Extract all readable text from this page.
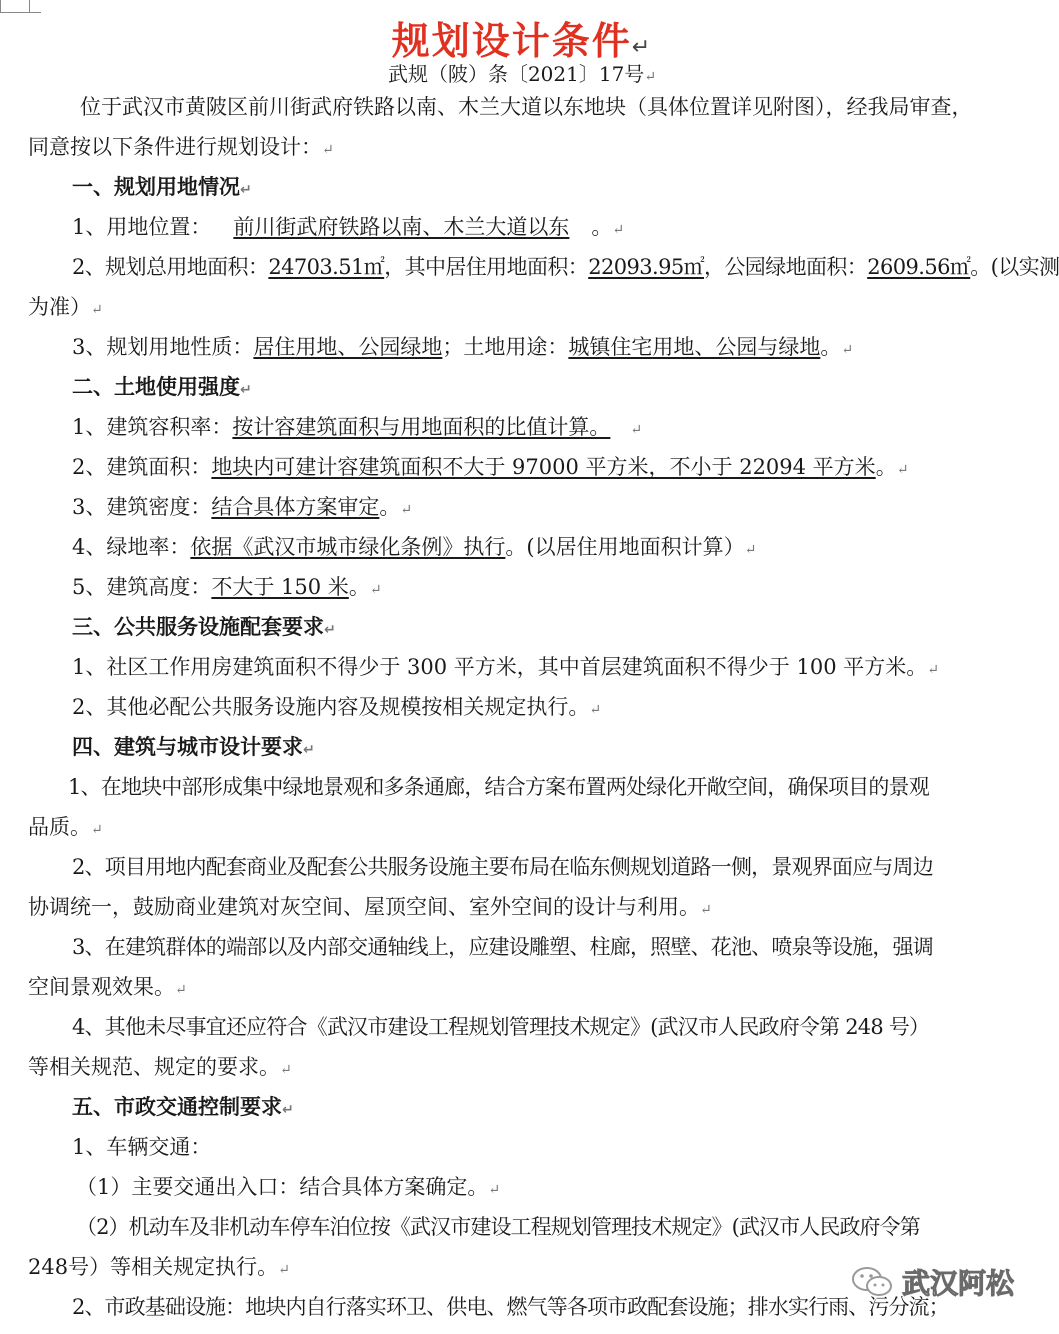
规划设计条件↵
武规（陂）条〔2021〕17号↵
位于武汉市黄陂区前川街武府铁路以南、木兰大道以东地块（具体位置详见附图），经我局审查，
同意按以下条件进行规划设计：↵
一、规划用地情况↵
1、用地位置： 前川街武府铁路以南、木兰大道以东 。↵
2、规划总用地面积：24703.51㎡，其中居住用地面积：22093.95㎡，公园绿地面积：2609.56㎡。(以实测
为准）↵
3、规划用地性质：居住用地、公园绿地；土地用途：城镇住宅用地、公园与绿地。↵
二、土地使用强度↵
1、建筑容积率：按计容建筑面积与用地面积的比值计算。 ↵
2、建筑面积：地块内可建计容建筑面积不大于 97000 平方米，不小于 22094 平方米。↵
3、建筑密度：结合具体方案审定。↵
4、绿地率：依据《武汉市城市绿化条例》执行。(以居住用地面积计算）↵
5、建筑高度：不大于 150 米。↵
三、公共服务设施配套要求↵
1、社区工作用房建筑面积不得少于 300 平方米，其中首层建筑面积不得少于 100 平方米。↵
2、其他必配公共服务设施内容及规模按相关规定执行。↵
四、建筑与城市设计要求↵
1、在地块中部形成集中绿地景观和多条通廊，结合方案布置两处绿化开敞空间，确保项目的景观
品质。↵
2、项目用地内配套商业及配套公共服务设施主要布局在临东侧规划道路一侧，景观界面应与周边
协调统一，鼓励商业建筑对灰空间、屋顶空间、室外空间的设计与利用。↵
3、在建筑群体的端部以及内部交通轴线上，应建设雕塑、柱廊，照壁、花池、喷泉等设施，强调
空间景观效果。↵
4、其他未尽事宜还应符合《武汉市建设工程规划管理技术规定》(武汉市人民政府令第 248 号）
等相关规范、规定的要求。↵
五、市政交通控制要求↵
1、车辆交通：
（1）主要交通出入口：结合具体方案确定。↵
（2）机动车及非机动车停车泊位按《武汉市建设工程规划管理技术规定》(武汉市人民政府令第
248号）等相关规定执行。↵
2、市政基础设施：地块内自行落实环卫、供电、燃气等各项市政配套设施；排水实行雨、污分流；
武汉阿松
